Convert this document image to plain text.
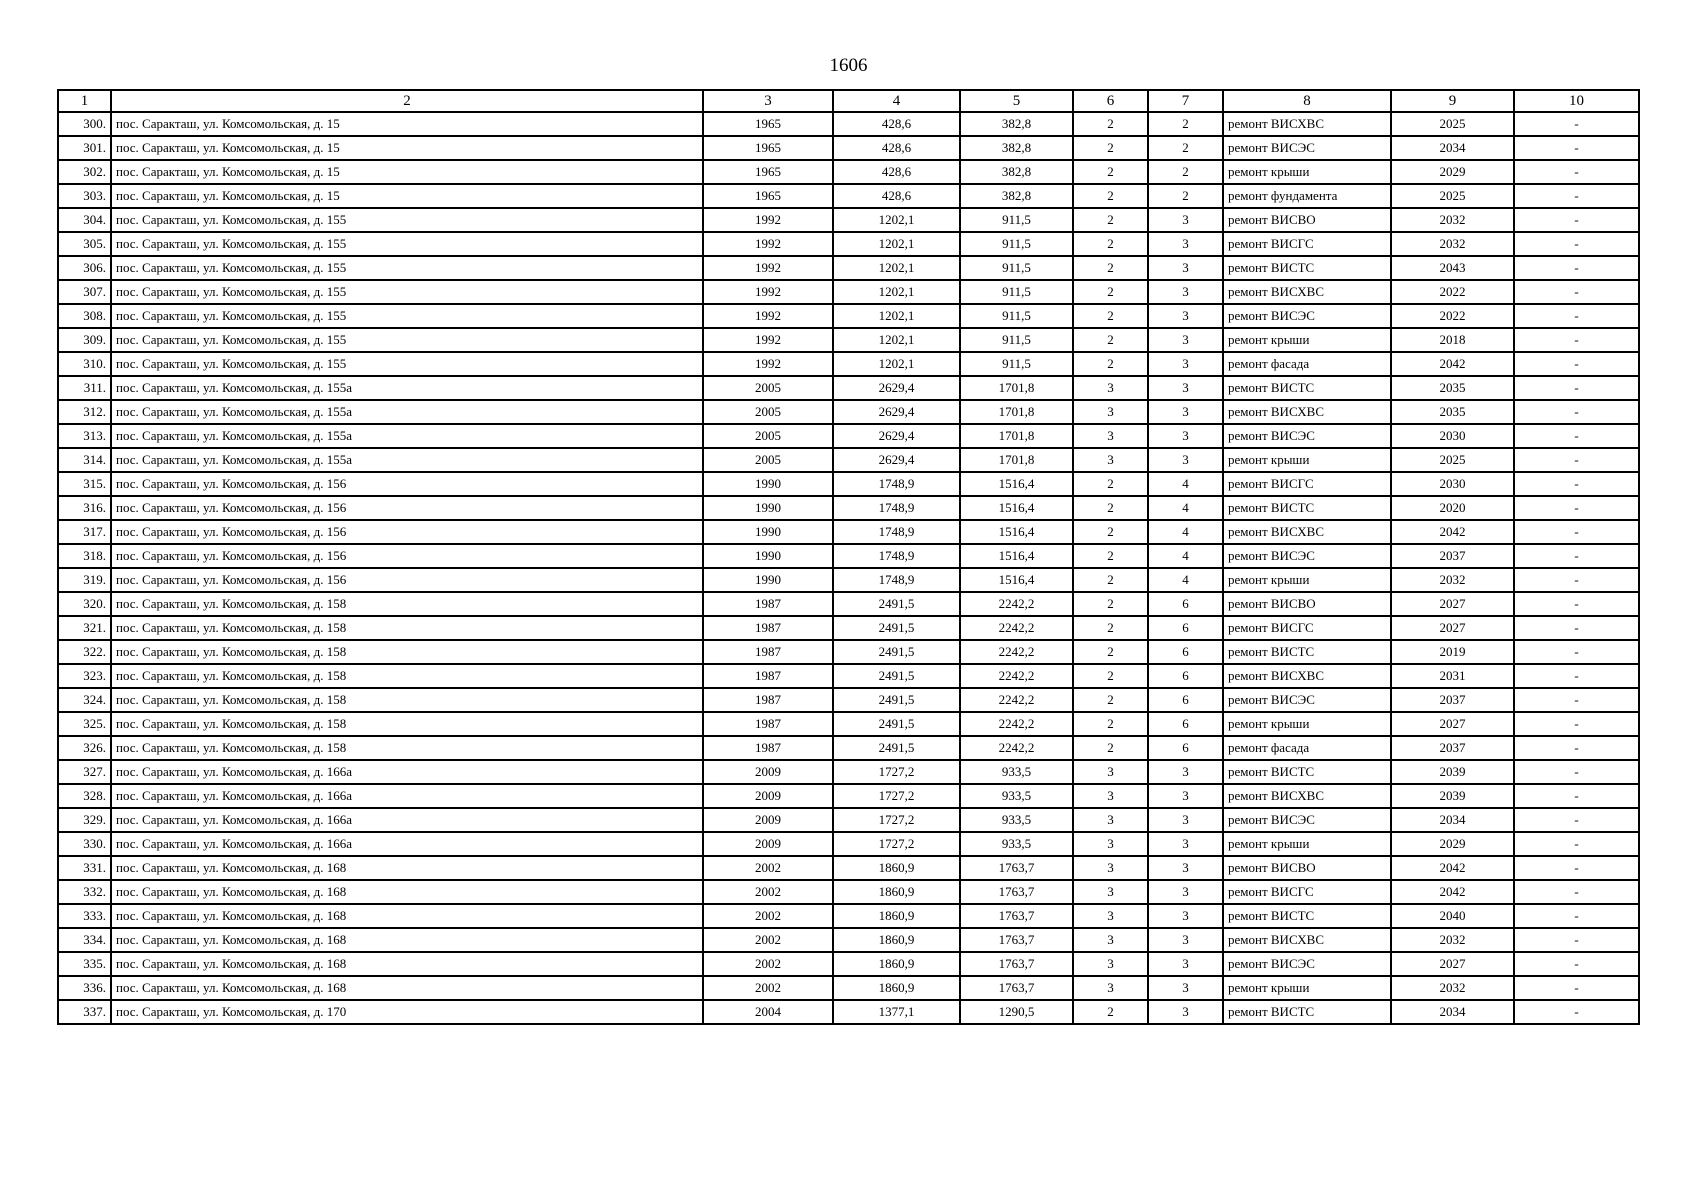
1606
1	2	3	4	5	6	7	8	9	10
300.	пос. Саракташ, ул. Комсомольская, д. 15	1965	428,6	382,8	2	2	ремонт ВИСХВС	2025	-
301.	пос. Саракташ, ул. Комсомольская, д. 15	1965	428,6	382,8	2	2	ремонт ВИСЭС	2034	-
302.	пос. Саракташ, ул. Комсомольская, д. 15	1965	428,6	382,8	2	2	ремонт крыши	2029	-
303.	пос. Саракташ, ул. Комсомольская, д. 15	1965	428,6	382,8	2	2	ремонт фундамента	2025	-
304.	пос. Саракташ, ул. Комсомольская, д. 155	1992	1202,1	911,5	2	3	ремонт ВИСВО	2032	-
305.	пос. Саракташ, ул. Комсомольская, д. 155	1992	1202,1	911,5	2	3	ремонт ВИСГС	2032	-
306.	пос. Саракташ, ул. Комсомольская, д. 155	1992	1202,1	911,5	2	3	ремонт ВИСТС	2043	-
307.	пос. Саракташ, ул. Комсомольская, д. 155	1992	1202,1	911,5	2	3	ремонт ВИСХВС	2022	-
308.	пос. Саракташ, ул. Комсомольская, д. 155	1992	1202,1	911,5	2	3	ремонт ВИСЭС	2022	-
309.	пос. Саракташ, ул. Комсомольская, д. 155	1992	1202,1	911,5	2	3	ремонт крыши	2018	-
310.	пос. Саракташ, ул. Комсомольская, д. 155	1992	1202,1	911,5	2	3	ремонт фасада	2042	-
311.	пос. Саракташ, ул. Комсомольская, д. 155а	2005	2629,4	1701,8	3	3	ремонт ВИСТС	2035	-
312.	пос. Саракташ, ул. Комсомольская, д. 155а	2005	2629,4	1701,8	3	3	ремонт ВИСХВС	2035	-
313.	пос. Саракташ, ул. Комсомольская, д. 155а	2005	2629,4	1701,8	3	3	ремонт ВИСЭС	2030	-
314.	пос. Саракташ, ул. Комсомольская, д. 155а	2005	2629,4	1701,8	3	3	ремонт крыши	2025	-
315.	пос. Саракташ, ул. Комсомольская, д. 156	1990	1748,9	1516,4	2	4	ремонт ВИСГС	2030	-
316.	пос. Саракташ, ул. Комсомольская, д. 156	1990	1748,9	1516,4	2	4	ремонт ВИСТС	2020	-
317.	пос. Саракташ, ул. Комсомольская, д. 156	1990	1748,9	1516,4	2	4	ремонт ВИСХВС	2042	-
318.	пос. Саракташ, ул. Комсомольская, д. 156	1990	1748,9	1516,4	2	4	ремонт ВИСЭС	2037	-
319.	пос. Саракташ, ул. Комсомольская, д. 156	1990	1748,9	1516,4	2	4	ремонт крыши	2032	-
320.	пос. Саракташ, ул. Комсомольская, д. 158	1987	2491,5	2242,2	2	6	ремонт ВИСВО	2027	-
321.	пос. Саракташ, ул. Комсомольская, д. 158	1987	2491,5	2242,2	2	6	ремонт ВИСГС	2027	-
322.	пос. Саракташ, ул. Комсомольская, д. 158	1987	2491,5	2242,2	2	6	ремонт ВИСТС	2019	-
323.	пос. Саракташ, ул. Комсомольская, д. 158	1987	2491,5	2242,2	2	6	ремонт ВИСХВС	2031	-
324.	пос. Саракташ, ул. Комсомольская, д. 158	1987	2491,5	2242,2	2	6	ремонт ВИСЭС	2037	-
325.	пос. Саракташ, ул. Комсомольская, д. 158	1987	2491,5	2242,2	2	6	ремонт крыши	2027	-
326.	пос. Саракташ, ул. Комсомольская, д. 158	1987	2491,5	2242,2	2	6	ремонт фасада	2037	-
327.	пос. Саракташ, ул. Комсомольская, д. 166а	2009	1727,2	933,5	3	3	ремонт ВИСТС	2039	-
328.	пос. Саракташ, ул. Комсомольская, д. 166а	2009	1727,2	933,5	3	3	ремонт ВИСХВС	2039	-
329.	пос. Саракташ, ул. Комсомольская, д. 166а	2009	1727,2	933,5	3	3	ремонт ВИСЭС	2034	-
330.	пос. Саракташ, ул. Комсомольская, д. 166а	2009	1727,2	933,5	3	3	ремонт крыши	2029	-
331.	пос. Саракташ, ул. Комсомольская, д. 168	2002	1860,9	1763,7	3	3	ремонт ВИСВО	2042	-
332.	пос. Саракташ, ул. Комсомольская, д. 168	2002	1860,9	1763,7	3	3	ремонт ВИСГС	2042	-
333.	пос. Саракташ, ул. Комсомольская, д. 168	2002	1860,9	1763,7	3	3	ремонт ВИСТС	2040	-
334.	пос. Саракташ, ул. Комсомольская, д. 168	2002	1860,9	1763,7	3	3	ремонт ВИСХВС	2032	-
335.	пос. Саракташ, ул. Комсомольская, д. 168	2002	1860,9	1763,7	3	3	ремонт ВИСЭС	2027	-
336.	пос. Саракташ, ул. Комсомольская, д. 168	2002	1860,9	1763,7	3	3	ремонт крыши	2032	-
337.	пос. Саракташ, ул. Комсомольская, д. 170	2004	1377,1	1290,5	2	3	ремонт ВИСТС	2034	-
